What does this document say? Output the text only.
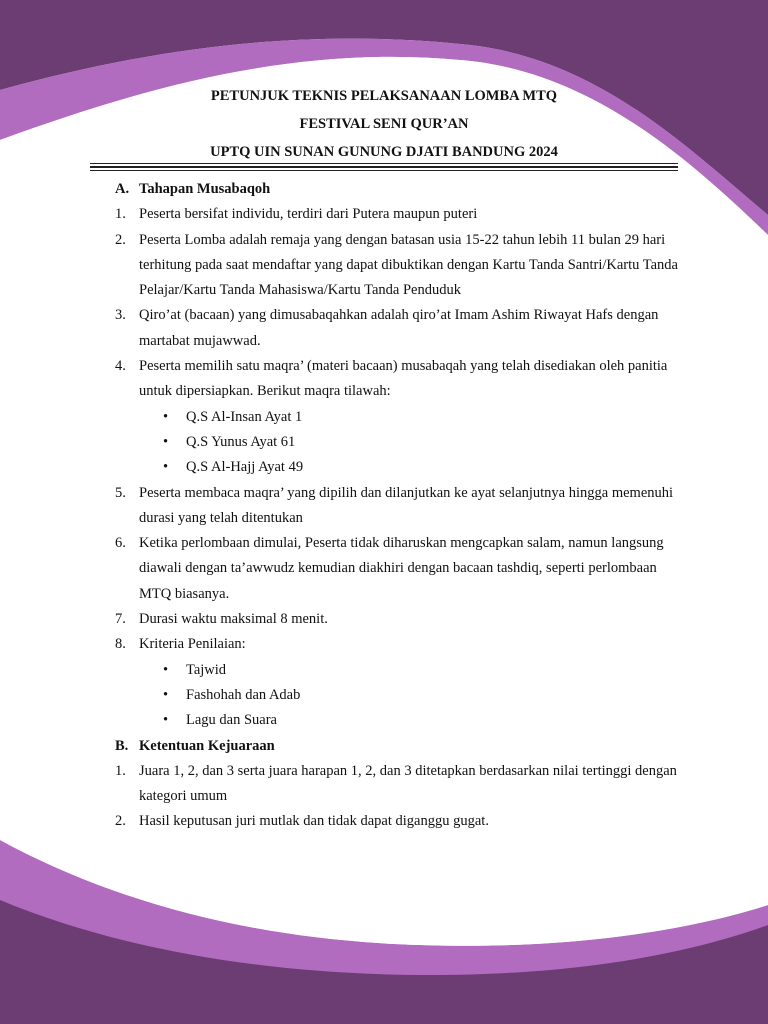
PETUNJUK TEKNIS PELAKSANAAN LOMBA MTQ
FESTIVAL SENI QUR’AN
UPTQ UIN SUNAN GUNUNG DJATI BANDUNG 2024
A. Tahapan Musabaqoh
1. Peserta bersifat individu, terdiri dari Putera maupun puteri
2. Peserta Lomba adalah remaja yang dengan batasan usia 15-22 tahun lebih 11 bulan 29 hari terhitung pada saat mendaftar yang dapat dibuktikan dengan Kartu Tanda Santri/Kartu Tanda Pelajar/Kartu Tanda Mahasiswa/Kartu Tanda Penduduk
3. Qiro’at (bacaan) yang dimusabaqahkan adalah qiro’at Imam Ashim Riwayat Hafs dengan martabat mujawwad.
4. Peserta memilih satu maqra’ (materi bacaan) musabaqah yang telah disediakan oleh panitia untuk dipersiapkan. Berikut maqra tilawah:
• Q.S Al-Insan Ayat 1
• Q.S Yunus Ayat 61
• Q.S Al-Hajj Ayat 49
5. Peserta membaca maqra’ yang dipilih dan dilanjutkan ke ayat selanjutnya hingga memenuhi durasi yang telah ditentukan
6. Ketika perlombaan dimulai, Peserta tidak diharuskan mengcapkan salam, namun langsung diawali dengan ta’awwudz kemudian diakhiri dengan bacaan tashdiq, seperti perlombaan MTQ biasanya.
7. Durasi waktu maksimal 8 menit.
8. Kriteria Penilaian:
• Tajwid
• Fashohah dan Adab
• Lagu dan Suara
B. Ketentuan Kejuaraan
1. Juara 1, 2, dan 3 serta juara harapan 1, 2, dan 3 ditetapkan berdasarkan nilai tertinggi dengan kategori umum
2. Hasil keputusan juri mutlak dan tidak dapat diganggu gugat.
